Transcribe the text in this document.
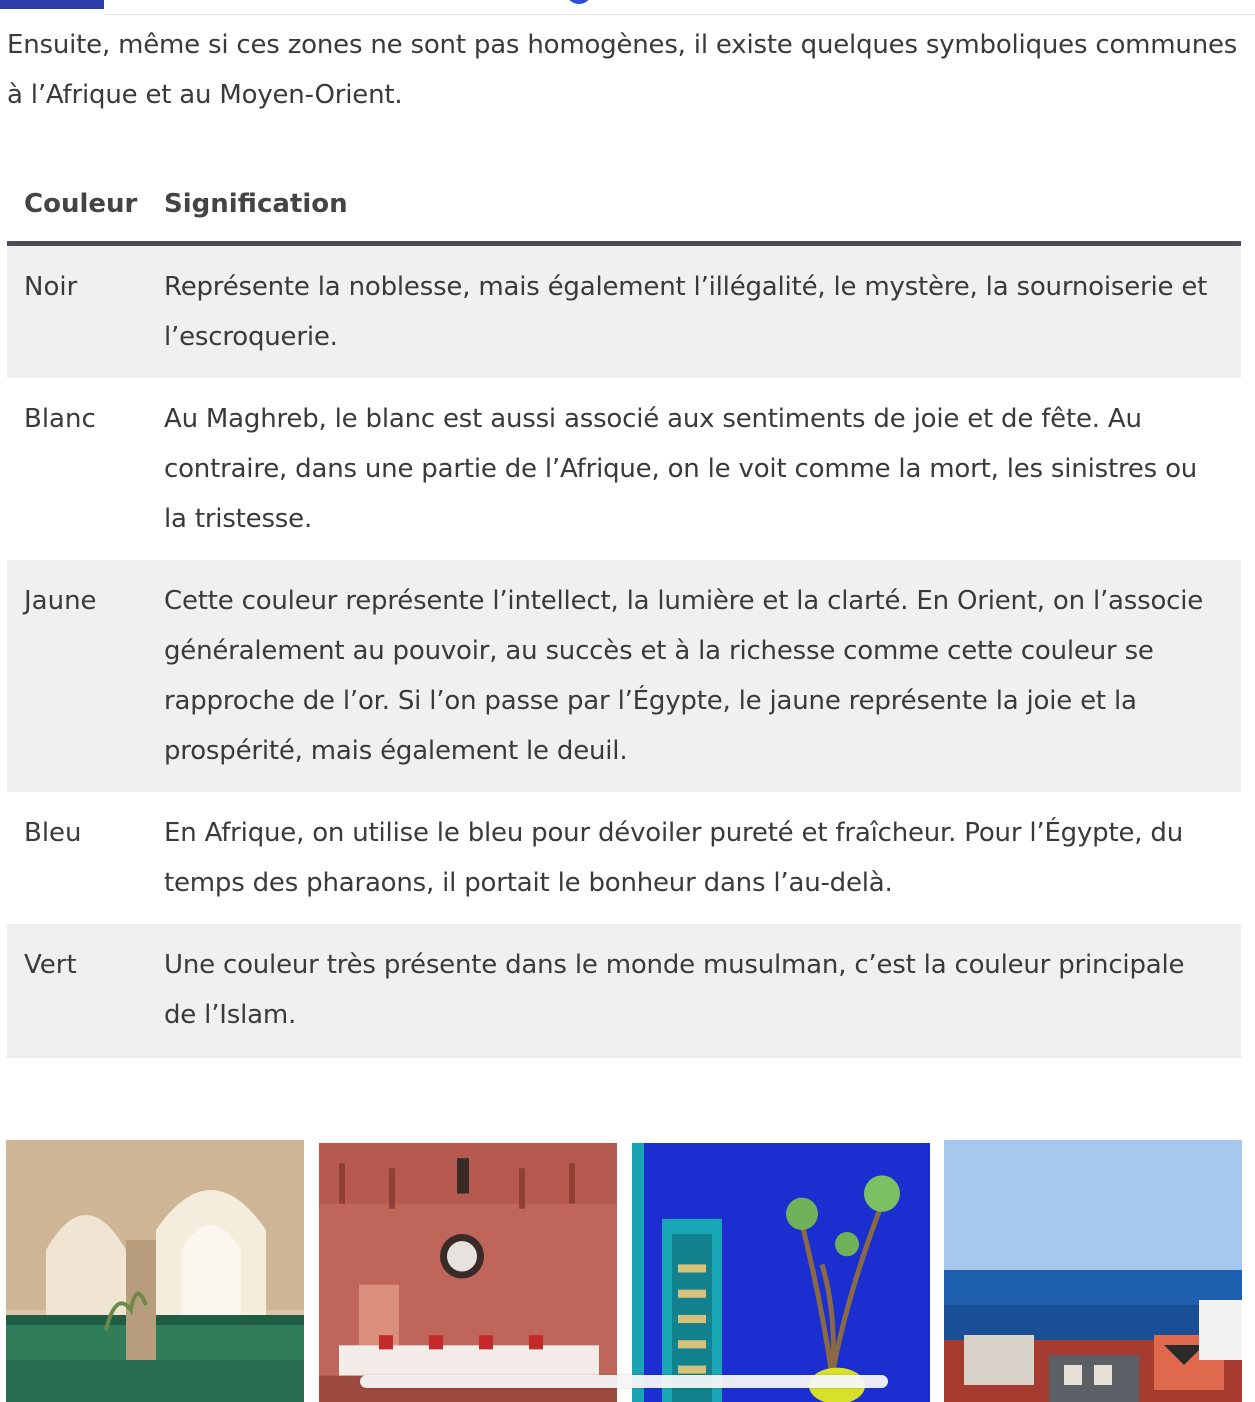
Ensuite, même si ces zones ne sont pas homogènes, il existe quelques symboliques communes à l’Afrique et au Moyen-Orient.

Couleur Signification
Noir	Représente la noblesse, mais également l’illégalité, le mystère, la sournoiserie et l’escroquerie.
Blanc	Au Maghreb, le blanc est aussi associé aux sentiments de joie et de fête. Au contraire, dans une partie de l’Afrique, on le voit comme la mort, les sinistres ou la tristesse.
Jaune	Cette couleur représente l’intellect, la lumière et la clarté. En Orient, on l’associe généralement au pouvoir, au succès et à la richesse comme cette couleur se rapproche de l’or. Si l’on passe par l’Égypte, le jaune représente la joie et la prospérité, mais également le deuil.
Bleu	En Afrique, on utilise le bleu pour dévoiler pureté et fraîcheur. Pour l’Égypte, du temps des pharaons, il portait le bonheur dans l’au-delà.
Vert	Une couleur très présente dans le monde musulman, c’est la couleur principale de l’Islam.
